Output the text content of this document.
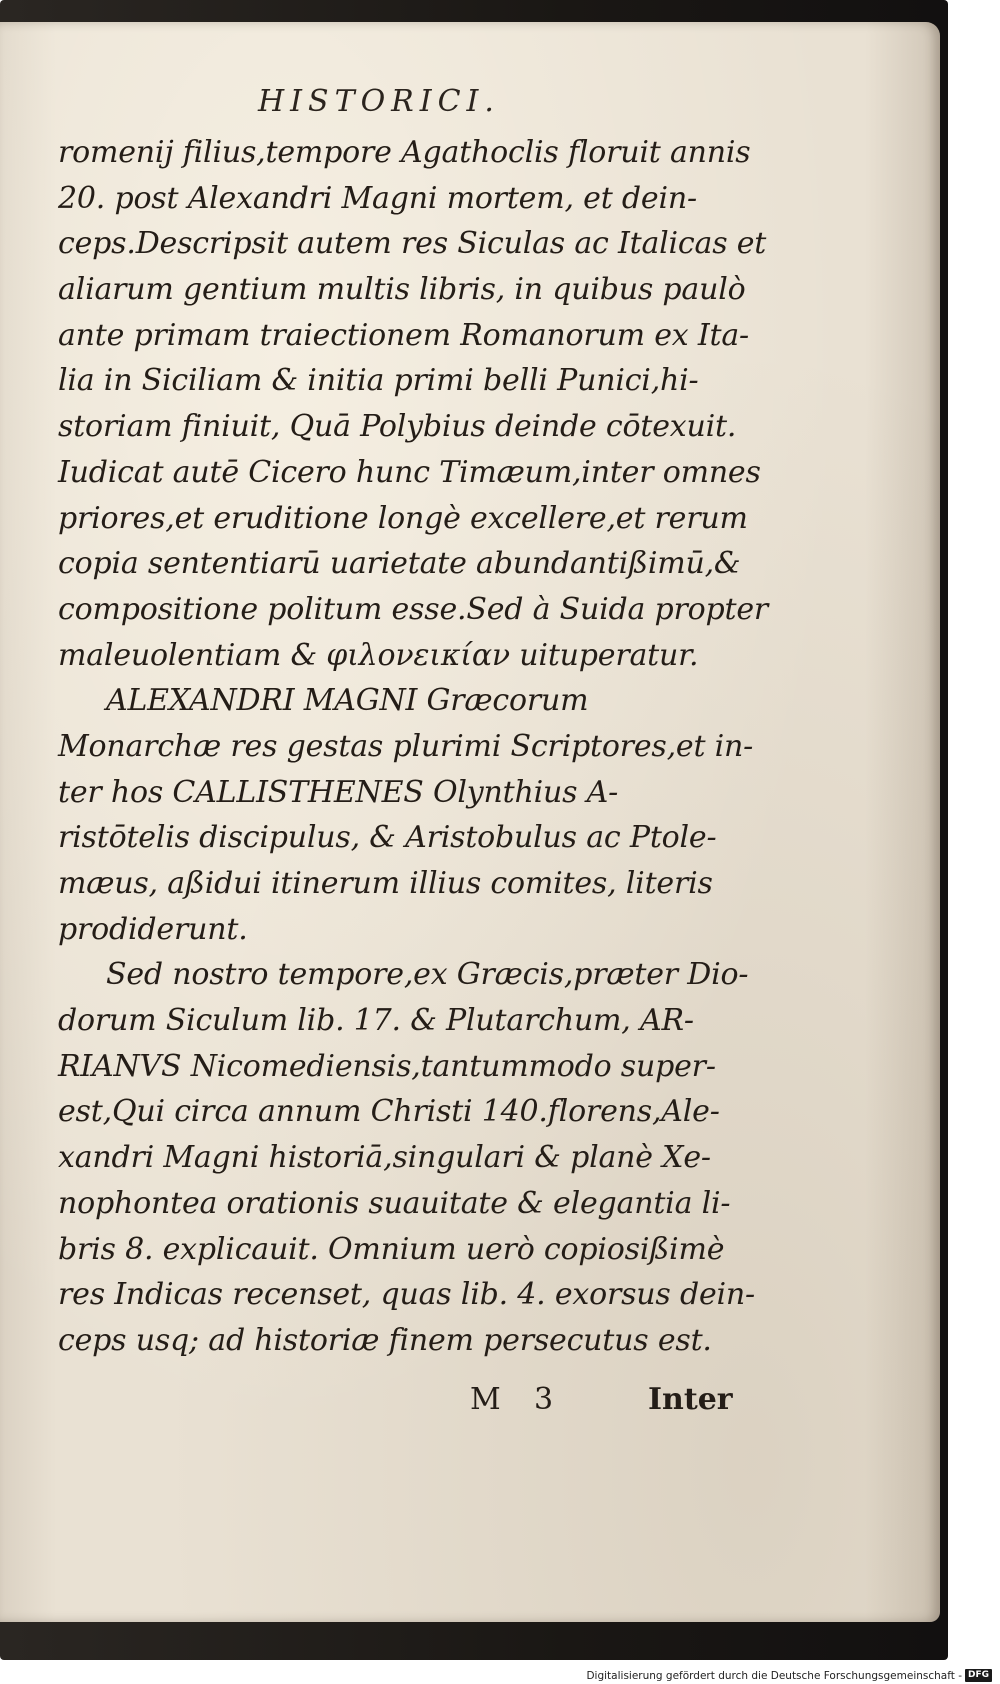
HISTORICI.
romenij filius,tempore Agathoclis floruit annis
20. post Alexandri Magni mortem, et dein-
ceps.Descripsit autem res Siculas ac Italicas et
aliarum gentium multis libris, in quibus paulò
ante primam traiectionem Romanorum ex Ita-
lia in Siciliam & initia primi belli Punici,hi-
storiam finiuit, Quā Polybius deinde cōtexuit.
Iudicat autē Cicero hunc Timæum,inter omnes
priores,et eruditione longè excellere,et rerum
copia sententiarū uarietate abundantißimū,&
compositione politum esse.Sed à Suida propter
maleuolentiam & φιλονεικίαν uituperatur.
ALEXANDRI MAGNI Græcorum
Monarchæ res gestas plurimi Scriptores,et in-
ter hos CALLISTHENES Olynthius A-
ristōtelis discipulus, & Aristobulus ac Ptole-
mæus, aßidui itinerum illius comites, literis
prodiderunt.
Sed nostro tempore,ex Græcis,præter Dio-
dorum Siculum lib. 17. & Plutarchum, AR-
RIANVS Nicomediensis,tantummodo super-
est,Qui circa annum Christi 140.florens,Ale-
xandri Magni historiā,singulari & planè Xe-
nophontea orationis suauitate & elegantia li-
bris 8. explicauit. Omnium uerò copiosißimè
res Indicas recenset, quas lib. 4. exorsus dein-
ceps usq; ad historiæ finem persecutus est.
M 3	Inter
Digitalisierung gefördert durch die Deutsche Forschungsgemeinschaft - DFG
